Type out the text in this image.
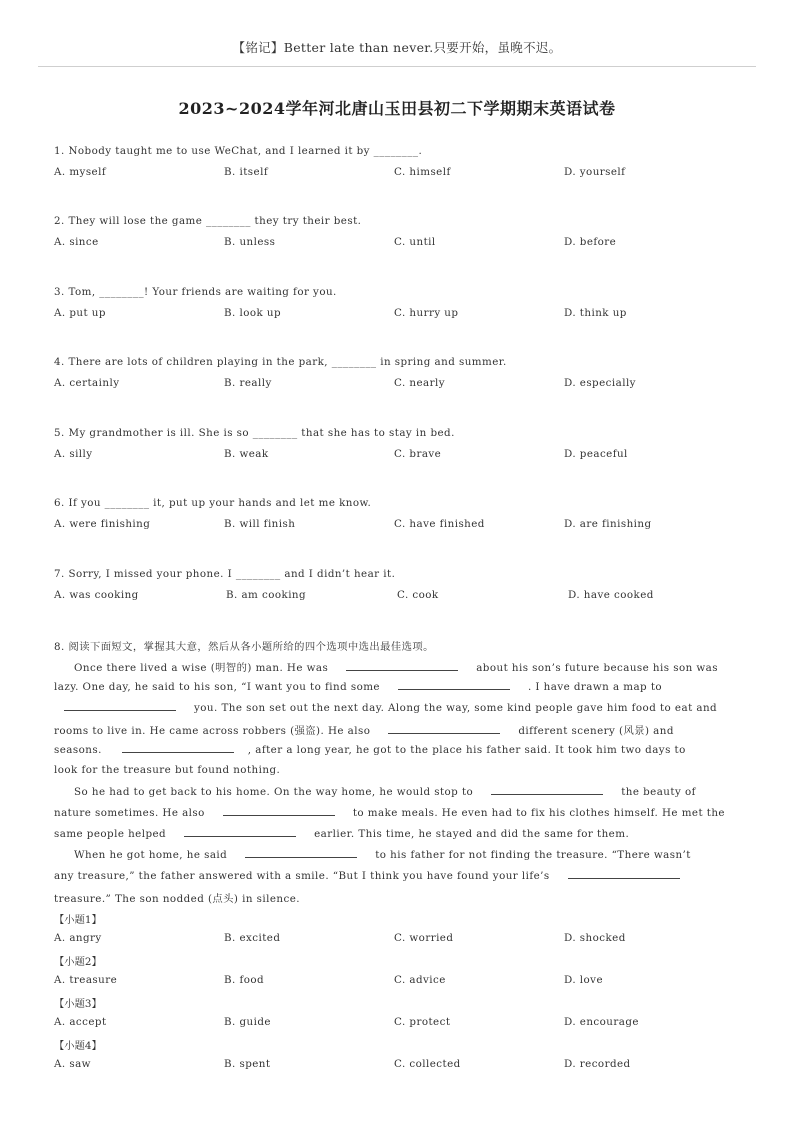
【铭记】Better late than never.只要开始，虽晚不迟。
2023~2024学年河北唐山玉田县初二下学期期末英语试卷
1. Nobody taught me to use WeChat, and I learned it by ________.
A. myself	B. itself	C. himself	D. yourself
2. They will lose the game ________ they try their best.
A. since	B. unless	C. until	D. before
3. Tom, ________! Your friends are waiting for you.
A. put up	B. look up	C. hurry up	D. think up
4. There are lots of children playing in the park, ________ in spring and summer.
A. certainly	B. really	C. nearly	D. especially
5. My grandmother is ill. She is so ________ that she has to stay in bed.
A. silly	B. weak	C. brave	D. peaceful
6. If you ________ it, put up your hands and let me know.
A. were finishing	B. will finish	C. have finished	D. are finishing
7. Sorry, I missed your phone. I ________ and I didn’t hear it.
A. was cooking	B. am cooking	C. cook	D. have cooked
8. 阅读下面短文，掌握其大意，然后从各小题所给的四个选项中选出最佳选项。
Once there lived a wise (明智的) man. He was	about his son’s future because his son was
lazy. One day, he said to his son, “I want you to find some	. I have drawn a map to
you. The son set out the next day. Along the way, some kind people gave him food to eat and
rooms to live in. He came across robbers (强盗). He also	different scenery (风景) and
seasons.	, after a long year, he got to the place his father said. It took him two days to
look for the treasure but found nothing.
So he had to get back to his home. On the way home, he would stop to	the beauty of
nature sometimes. He also	to make meals. He even had to fix his clothes himself. He met the
same people helped	earlier. This time, he stayed and did the same for them.
When he got home, he said	to his father for not finding the treasure. “There wasn’t
any treasure,” the father answered with a smile. “But I think you have found your life’s
treasure.” The son nodded (点头) in silence.
【小题1】
A. angry	B. excited	C. worried	D. shocked
【小题2】
A. treasure	B. food	C. advice	D. love
【小题3】
A. accept	B. guide	C. protect	D. encourage
【小题4】
A. saw	B. spent	C. collected	D. recorded
